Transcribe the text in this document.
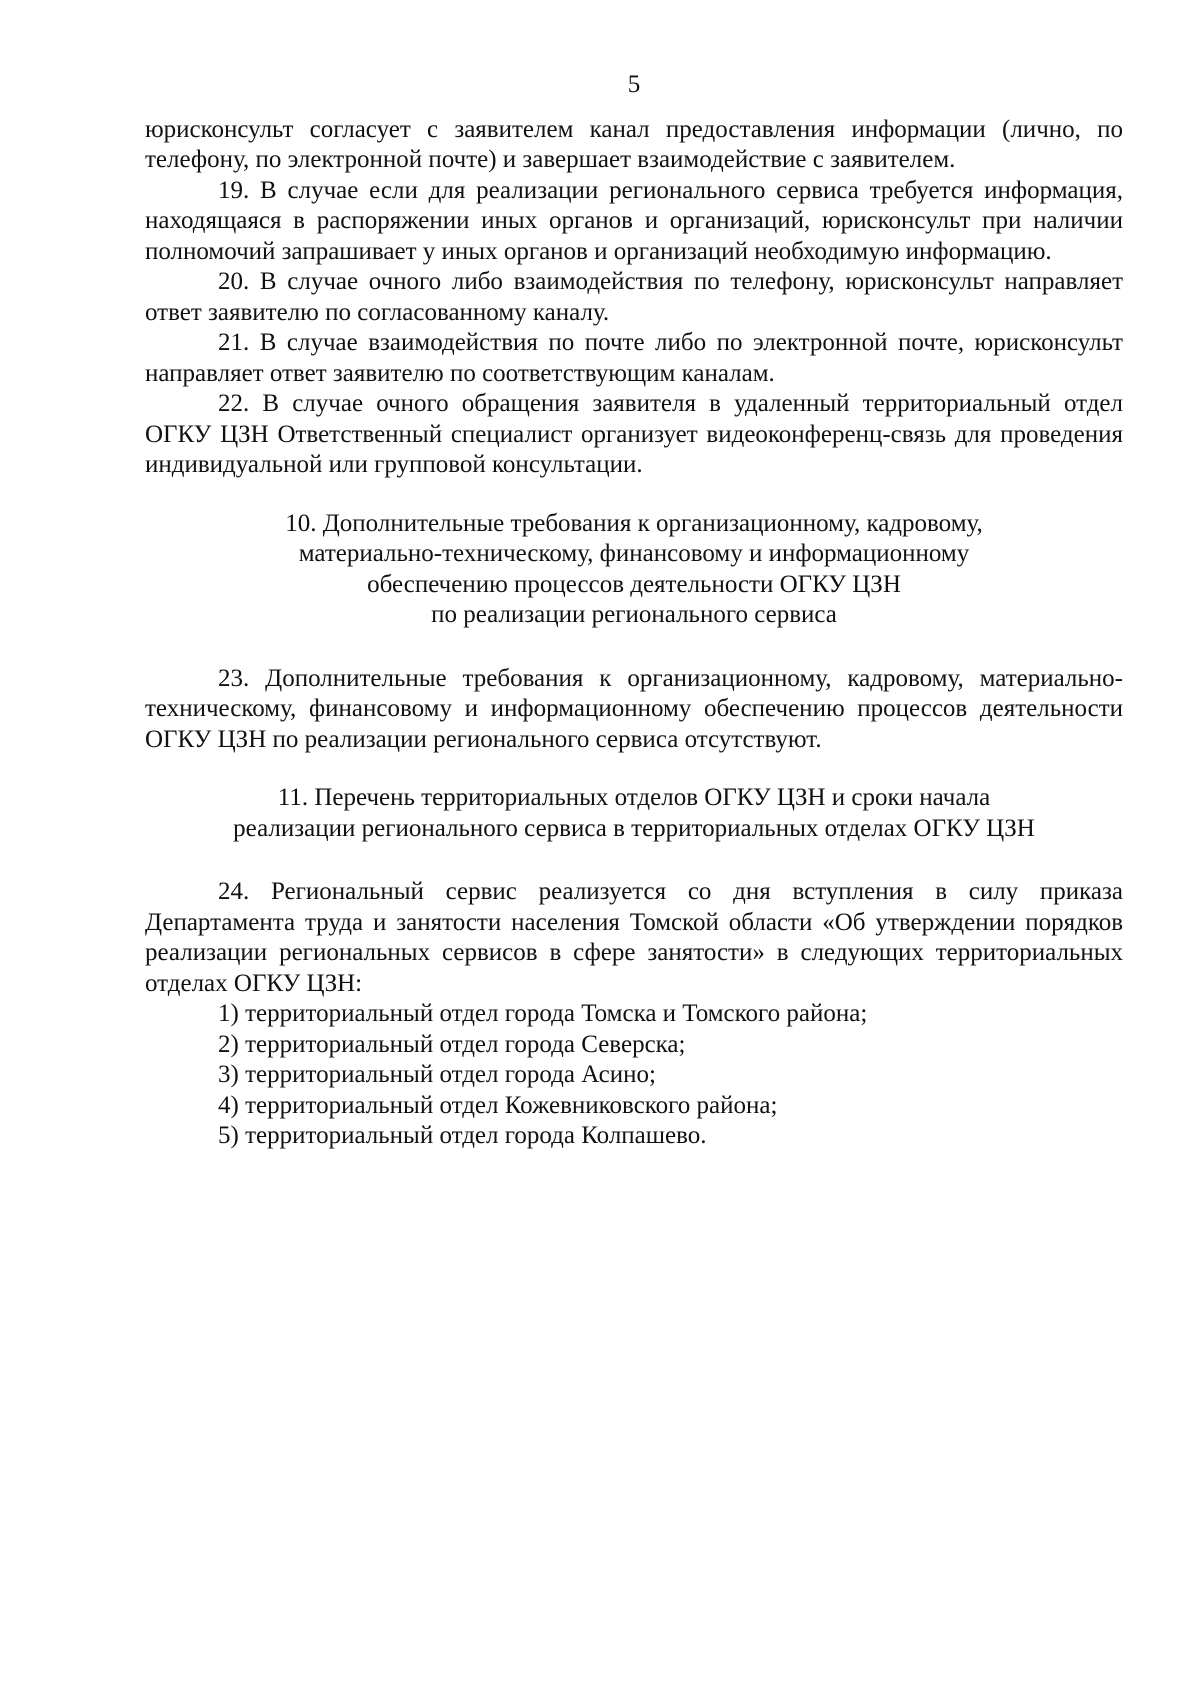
5

юрисконсульт согласует с заявителем канал предоставления информации (лично, по телефону, по электронной почте) и завершает взаимодействие с заявителем.

19. В случае если для реализации регионального сервиса требуется информация, находящаяся в распоряжении иных органов и организаций, юрисконсульт при наличии полномочий запрашивает у иных органов и организаций необходимую информацию.

20. В случае очного либо взаимодействия по телефону, юрисконсульт направляет ответ заявителю по согласованному каналу.

21. В случае взаимодействия по почте либо по электронной почте, юрисконсульт направляет ответ заявителю по соответствующим каналам.

22. В случае очного обращения заявителя в удаленный территориальный отдел ОГКУ ЦЗН Ответственный специалист организует видеоконференц-связь для проведения индивидуальной или групповой консультации.

10. Дополнительные требования к организационному, кадровому,
материально-техническому, финансовому и информационному
обеспечению процессов деятельности ОГКУ ЦЗН
по реализации регионального сервиса

23. Дополнительные требования к организационному, кадровому, материально-техническому, финансовому и информационному обеспечению процессов деятельности ОГКУ ЦЗН по реализации регионального сервиса отсутствуют.

11. Перечень территориальных отделов ОГКУ ЦЗН и сроки начала
реализации регионального сервиса в территориальных отделах ОГКУ ЦЗН

24. Региональный сервис реализуется со дня вступления в силу приказа Департамента труда и занятости населения Томской области «Об утверждении порядков реализации региональных сервисов в сфере занятости» в следующих территориальных отделах ОГКУ ЦЗН:

1) территориальный отдел города Томска и Томского района;
2) территориальный отдел города Северска;
3) территориальный отдел города Асино;
4) территориальный отдел Кожевниковского района;
5) территориальный отдел города Колпашево.
